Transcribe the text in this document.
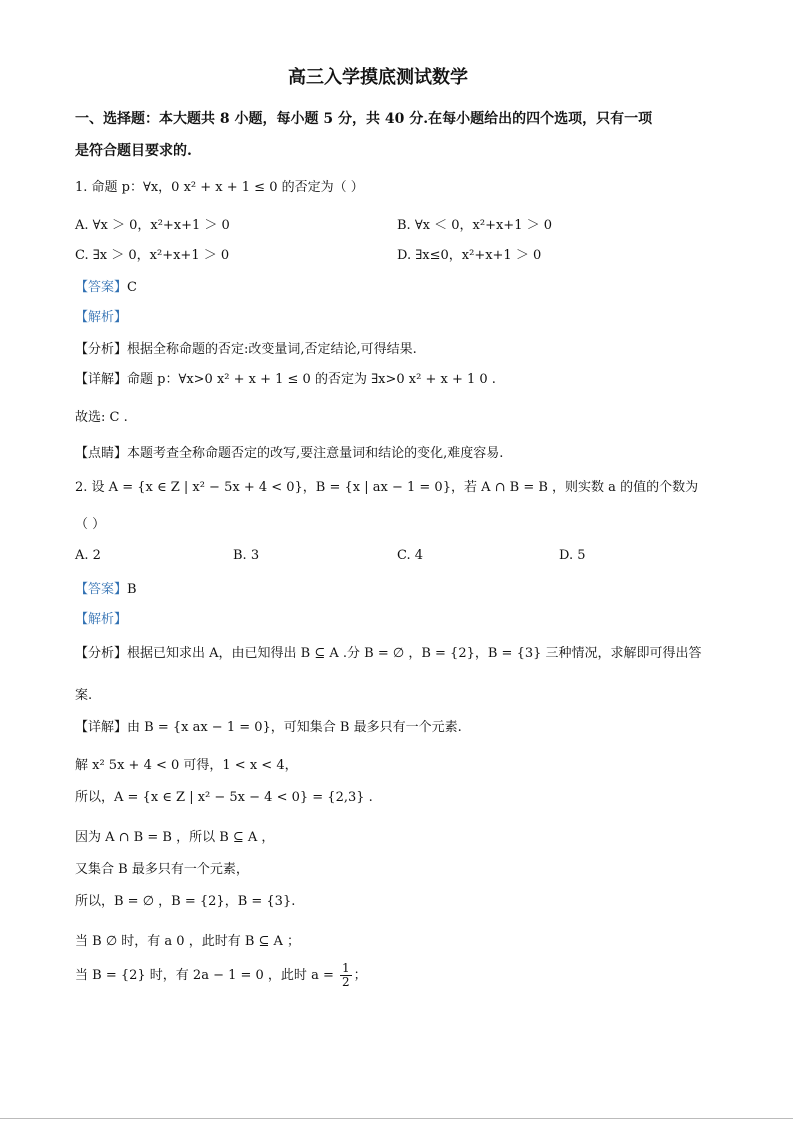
高三入学摸底测试数学
一、选择题：本大题共 8 小题，每小题 5 分，共 40 分.在每小题给出的四个选项，只有一项
是符合题目要求的.
1. 命题 p：∀x，0 x² + x + 1 ≤ 0 的否定为（ ）
A. ∀x ＞ 0，x²+x+1 ＞ 0	B. ∀x ＜ 0，x²+x+1 ＞ 0
C. ∃x ＞ 0，x²+x+1 ＞ 0	D. ∃x≤0，x²+x+1 ＞ 0
【答案】C
【解析】
【分析】根据全称命题的否定:改变量词,否定结论,可得结果.
【详解】命题 p：∀x>0 x² + x + 1 ≤ 0 的否定为 ∃x>0 x² + x + 1 0 .
故选: C .
【点睛】本题考查全称命题否定的改写,要注意量词和结论的变化,难度容易.
2. 设 A = {x ∈ Z | x² − 5x + 4 < 0}，B = {x | ax − 1 = 0}，若 A ∩ B = B ，则实数 a 的值的个数为
（ ）
A. 2	B. 3	C. 4	D. 5
【答案】B
【解析】
【分析】根据已知求出 A，由已知得出 B ⊆ A .分 B = ∅ ，B = {2}，B = {3} 三种情况，求解即可得出答
案.
【详解】由 B = {x ax − 1 = 0}，可知集合 B 最多只有一个元素.
解 x² 5x + 4 < 0 可得，1 < x < 4，
所以，A = {x ∈ Z | x² − 5x − 4 < 0} = {2,3} .
因为 A ∩ B = B ，所以 B ⊆ A ，
又集合 B 最多只有一个元素，
所以，B = ∅ ，B = {2}，B = {3}.
当 B ∅ 时，有 a 0 ，此时有 B ⊆ A ；
当 B = {2} 时，有 2a − 1 = 0 ，此时 $a = \frac{1}{2}$ ；
